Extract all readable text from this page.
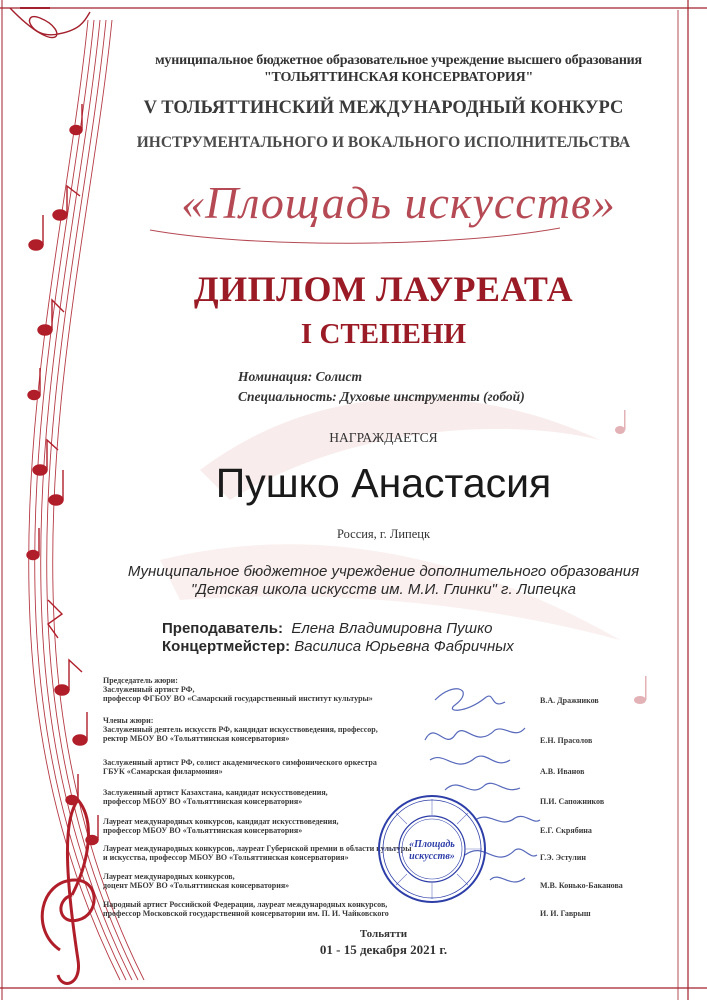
муниципальное бюджетное образовательное учреждение высшего образования
"ТОЛЬЯТТИНСКАЯ КОНСЕРВАТОРИЯ"
V ТОЛЬЯТТИНСКИЙ МЕЖДУНАРОДНЫЙ КОНКУРС
ИНСТРУМЕНТАЛЬНОГО И ВОКАЛЬНОГО ИСПОЛНИТЕЛЬСТВА
«Площадь искусств»
ДИПЛОМ ЛАУРЕАТА
I СТЕПЕНИ
Номинация: Солист
Специальность: Духовые инструменты (гобой)
НАГРАЖДАЕТСЯ
Пушко Анастасия
Россия, г. Липецк
Муниципальное бюджетное учреждение дополнительного образования
"Детская школа искусств им. М.И. Глинки" г. Липецка
Преподаватель: Елена Владимировна Пушко
Концертмейстер: Василиса Юрьевна Фабричных
Председатель жюри:
Заслуженный артист РФ,
профессор ФГБОУ ВО «Самарский государственный институт культуры»	В.А. Дражников
Члены жюри:
Заслуженный деятель искусств РФ, кандидат искусствоведения, профессор,
ректор МБОУ ВО «Тольяттинская консерватория»	Е.Н. Прасолов
Заслуженный артист РФ, солист академического симфонического оркестра
ГБУК «Самарская филармония»	А.В. Иванов
Заслуженный артист Казахстана, кандидат искусствоведения,
профессор МБОУ ВО «Тольяттинская консерватория»	П.И. Сапожников
Лауреат международных конкурсов, кандидат искусствоведения,
профессор МБОУ ВО «Тольяттинская консерватория»	Е.Г. Скрябина
Лауреат международных конкурсов, лауреат Губернской премии в области культуры
и искусства, профессор МБОУ ВО «Тольяттинская консерватория»	Г.Э. Эстулин
Лауреат международных конкурсов,
доцент МБОУ ВО «Тольяттинская консерватория»	М.В. Конько-Баканова
Народный артист Российской Федерации, лауреат международных конкурсов,
профессор Московской государственной консерватории им. П. И. Чайковского	И. И. Гаврыш
«Площадь
искусств»
Тольятти
01 - 15 декабря 2021 г.
